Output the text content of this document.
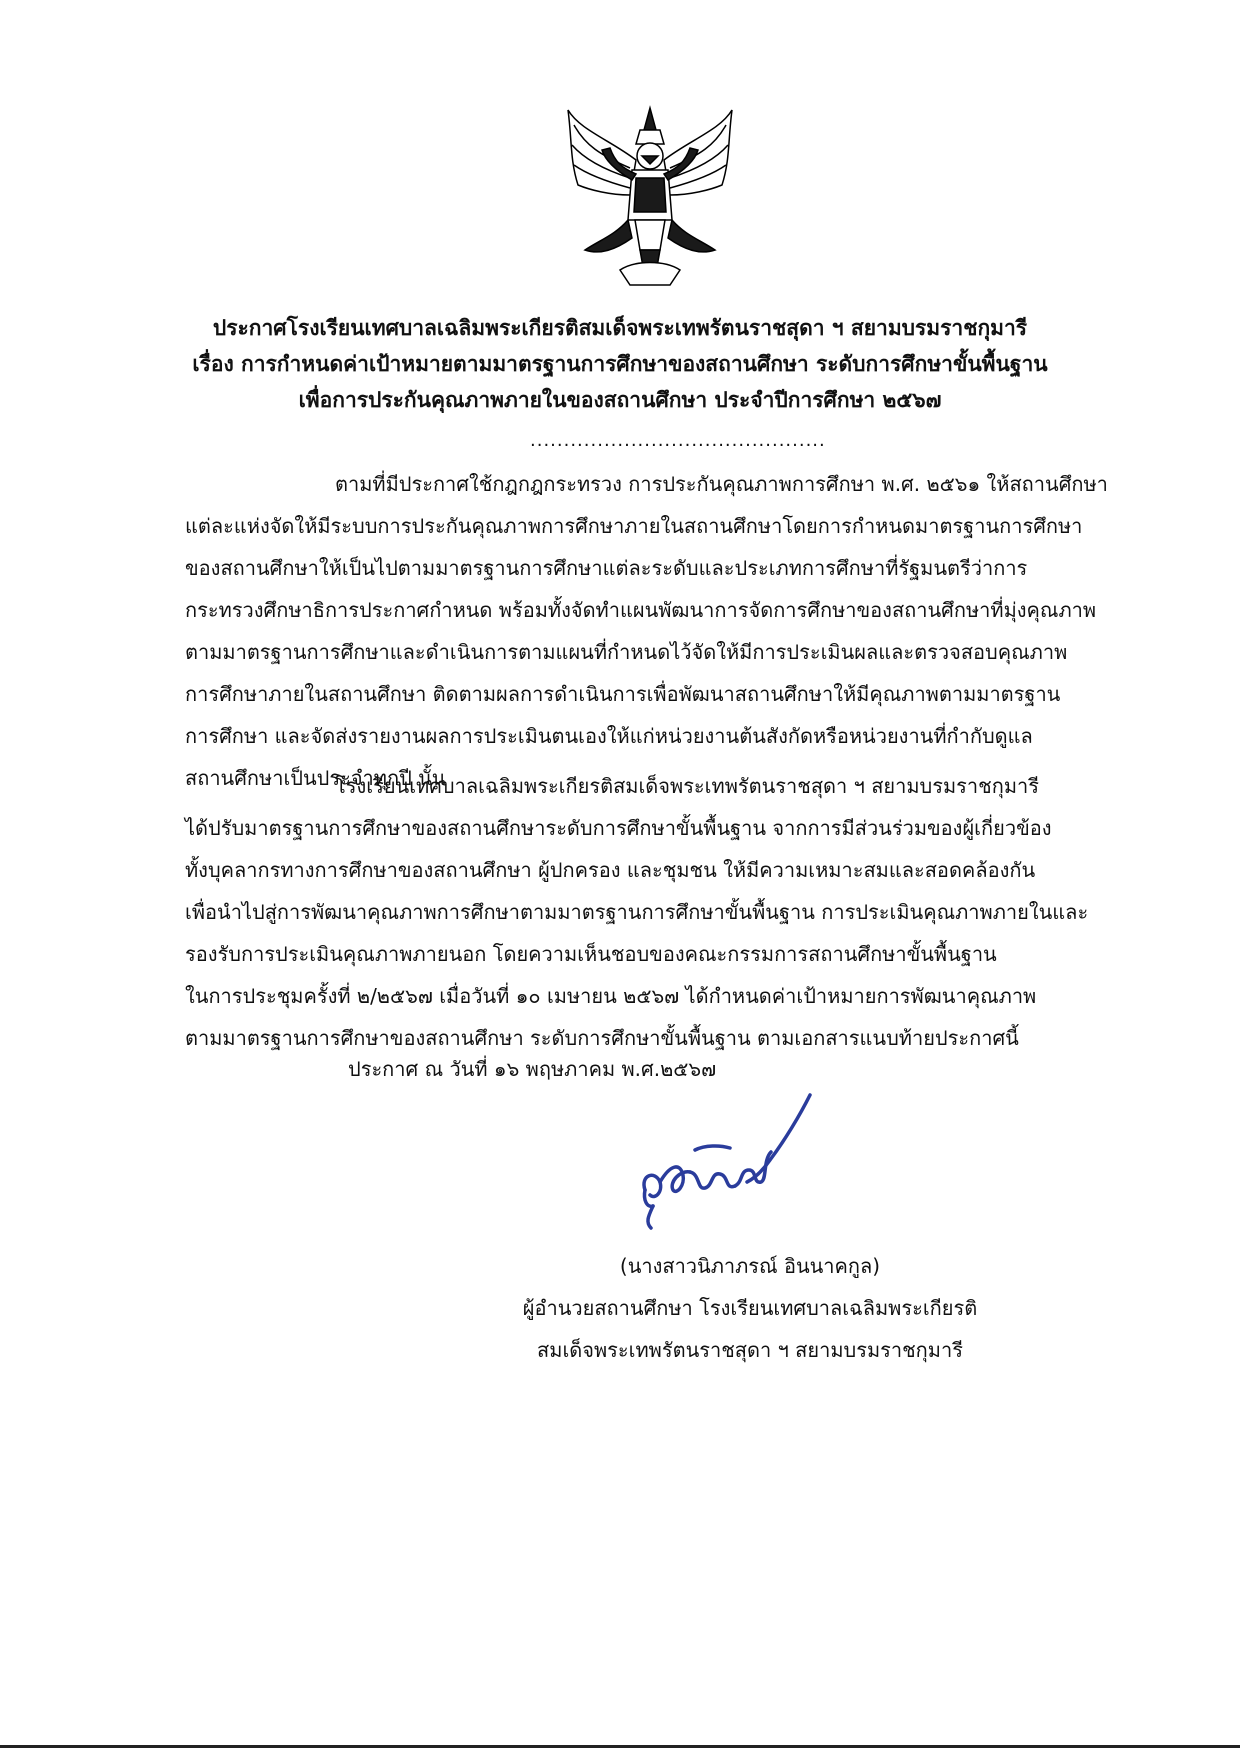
ประกาศโรงเรียนเทศบาลเฉลิมพระเกียรติสมเด็จพระเทพรัตนราชสุดา ฯ สยามบรมราชกุมารี
เรื่อง การกำหนดค่าเป้าหมายตามมาตรฐานการศึกษาของสถานศึกษา ระดับการศึกษาขั้นพื้นฐาน
เพื่อการประกันคุณภาพภายในของสถานศึกษา ประจำปีการศึกษา ๒๕๖๗
............................................
ตามที่มีประกาศใช้กฎกฎกระทรวง การประกันคุณภาพการศึกษา พ.ศ. ๒๕๖๑ ให้สถานศึกษา
แต่ละแห่งจัดให้มีระบบการประกันคุณภาพการศึกษาภายในสถานศึกษาโดยการกำหนดมาตรฐานการศึกษา
ของสถานศึกษาให้เป็นไปตามมาตรฐานการศึกษาแต่ละระดับและประเภทการศึกษาที่รัฐมนตรีว่าการ
กระทรวงศึกษาธิการประกาศกำหนด พร้อมทั้งจัดทำแผนพัฒนาการจัดการศึกษาของสถานศึกษาที่มุ่งคุณภาพ
ตามมาตรฐานการศึกษาและดำเนินการตามแผนที่กำหนดไว้จัดให้มีการประเมินผลและตรวจสอบคุณภาพ
การศึกษาภายในสถานศึกษา ติดตามผลการดำเนินการเพื่อพัฒนาสถานศึกษาให้มีคุณภาพตามมาตรฐาน
การศึกษา และจัดส่งรายงานผลการประเมินตนเองให้แก่หน่วยงานต้นสังกัดหรือหน่วยงานที่กำกับดูแล
สถานศึกษาเป็นประจำทุกปี นั้น
โรงเรียนเทศบาลเฉลิมพระเกียรติสมเด็จพระเทพรัตนราชสุดา ฯ สยามบรมราชกุมารี
ได้ปรับมาตรฐานการศึกษาของสถานศึกษาระดับการศึกษาขั้นพื้นฐาน จากการมีส่วนร่วมของผู้เกี่ยวข้อง
ทั้งบุคลากรทางการศึกษาของสถานศึกษา ผู้ปกครอง และชุมชน ให้มีความเหมาะสมและสอดคล้องกัน
เพื่อนำไปสู่การพัฒนาคุณภาพการศึกษาตามมาตรฐานการศึกษาขั้นพื้นฐาน การประเมินคุณภาพภายในและ
รองรับการประเมินคุณภาพภายนอก โดยความเห็นชอบของคณะกรรมการสถานศึกษาขั้นพื้นฐาน
ในการประชุมครั้งที่ ๒/๒๕๖๗ เมื่อวันที่ ๑๐ เมษายน ๒๕๖๗ ได้กำหนดค่าเป้าหมายการพัฒนาคุณภาพ
ตามมาตรฐานการศึกษาของสถานศึกษา ระดับการศึกษาขั้นพื้นฐาน ตามเอกสารแนบท้ายประกาศนี้
ประกาศ ณ วันที่ ๑๖ พฤษภาคม พ.ศ.๒๕๖๗
(นางสาวนิภาภรณ์ อินนาคกูล)
ผู้อำนวยสถานศึกษา โรงเรียนเทศบาลเฉลิมพระเกียรติ
สมเด็จพระเทพรัตนราชสุดา ฯ สยามบรมราชกุมารี
